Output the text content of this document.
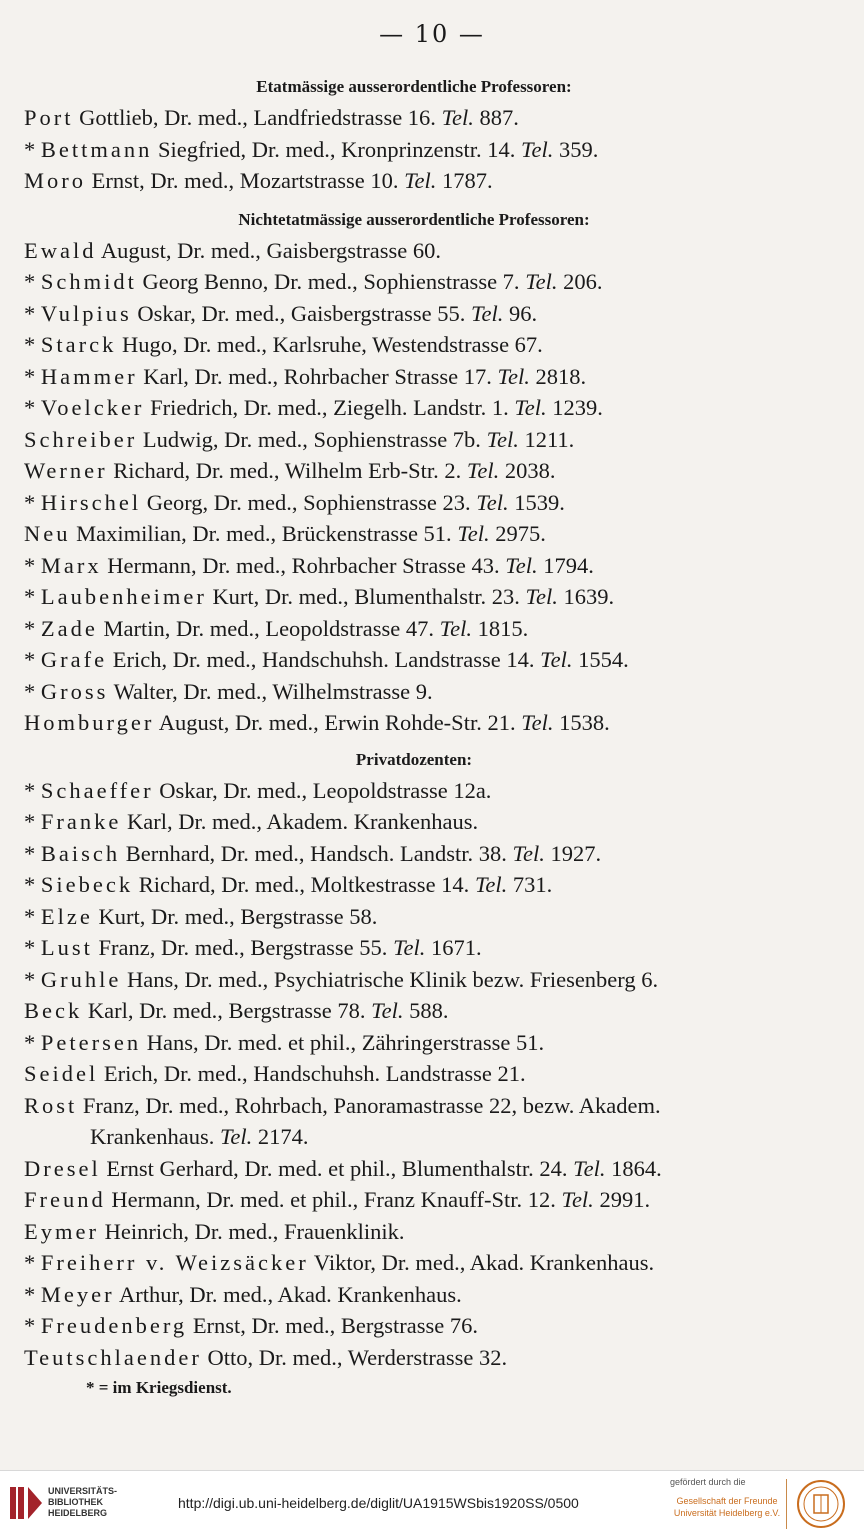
— 10 —
Etatmässige ausserordentliche Professoren:
Port Gottlieb, Dr. med., Landfriedstrasse 16. Tel. 887.
* Bettmann Siegfried, Dr. med., Kronprinzenstr. 14. Tel. 359.
Moro Ernst, Dr. med., Mozartstrasse 10. Tel. 1787.
Nichtetatmässige ausserordentliche Professoren:
Ewald August, Dr. med., Gaisbergstrasse 60.
* Schmidt Georg Benno, Dr. med., Sophienstrasse 7. Tel. 206.
* Vulpius Oskar, Dr. med., Gaisbergstrasse 55. Tel. 96.
* Starck Hugo, Dr. med., Karlsruhe, Westendstrasse 67.
* Hammer Karl, Dr. med., Rohrbacher Strasse 17. Tel. 2818.
* Voelcker Friedrich, Dr. med., Ziegelh. Landstr. 1. Tel. 1239.
Schreiber Ludwig, Dr. med., Sophienstrasse 7b. Tel. 1211.
Werner Richard, Dr. med., Wilhelm Erb-Str. 2. Tel. 2038.
* Hirschel Georg, Dr. med., Sophienstrasse 23. Tel. 1539.
Neu Maximilian, Dr. med., Brückenstrasse 51. Tel. 2975.
* Marx Hermann, Dr. med., Rohrbacher Strasse 43. Tel. 1794.
* Laubenheimer Kurt, Dr. med., Blumenthalstr. 23. Tel. 1639.
* Zade Martin, Dr. med., Leopoldstrasse 47. Tel. 1815.
* Grafe Erich, Dr. med., Handschuhsh. Landstrasse 14. Tel. 1554.
* Gross Walter, Dr. med., Wilhelmstrasse 9.
Homburger August, Dr. med., Erwin Rohde-Str. 21. Tel. 1538.
Privatdozenten:
* Schaeffer Oskar, Dr. med., Leopoldstrasse 12a.
* Franke Karl, Dr. med., Akadem. Krankenhaus.
* Baisch Bernhard, Dr. med., Handsch. Landstr. 38. Tel. 1927.
* Siebeck Richard, Dr. med., Moltkestrasse 14. Tel. 731.
* Elze Kurt, Dr. med., Bergstrasse 58.
* Lust Franz, Dr. med., Bergstrasse 55. Tel. 1671.
* Gruhle Hans, Dr. med., Psychiatrische Klinik bezw. Friesenberg 6.
Beck Karl, Dr. med., Bergstrasse 78. Tel. 588.
* Petersen Hans, Dr. med. et phil., Zähringerstrasse 51.
Seidel Erich, Dr. med., Handschuhsh. Landstrasse 21.
Rost Franz, Dr. med., Rohrbach, Panoramastrasse 22, bezw. Akadem.
Krankenhaus. Tel. 2174.
Dresel Ernst Gerhard, Dr. med. et phil., Blumenthalstr. 24. Tel. 1864.
Freund Hermann, Dr. med. et phil., Franz Knauff-Str. 12. Tel. 2991.
Eymer Heinrich, Dr. med., Frauenklinik.
* Freiherr v. Weizsäcker Viktor, Dr. med., Akad. Krankenhaus.
* Meyer Arthur, Dr. med., Akad. Krankenhaus.
* Freudenberg Ernst, Dr. med., Bergstrasse 76.
Teutschlaender Otto, Dr. med., Werderstrasse 32.
* = im Kriegsdienst.
UNIVERSITÄTS-
BIBLIOTHEK
HEIDELBERG
http://digi.ub.uni-heidelberg.de/diglit/UA1915WSbis1920SS/0500
gefördert durch die
Gesellschaft der Freunde
Universität Heidelberg e.V.
